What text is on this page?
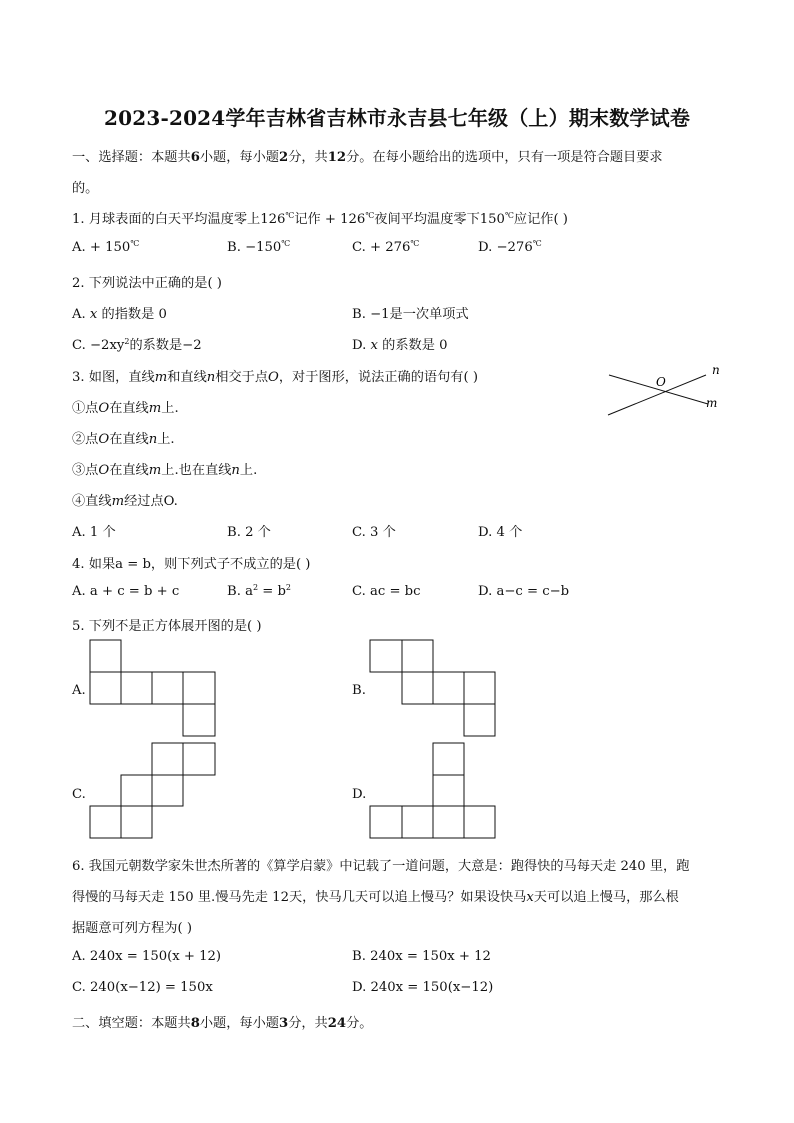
2023-2024学年吉林省吉林市永吉县七年级（上）期末数学试卷
一、选择题：本题共6小题，每小题2分，共12分。在每小题给出的选项中，只有一项是符合题目要求
的。
1. 月球表面的白天平均温度零上126℃记作 + 126℃夜间平均温度零下150℃应记作( )
A. + 150℃	B. −150℃	C. + 276℃	D. −276℃
2. 下列说法中正确的是( )
A. x 的指数是 0	B. −1是一次单项式
C. $-2xy^2$的系数是−2	D. x 的系数是 0
3. 如图，直线m和直线n相交于点O，对于图形，说法正确的语句有( )
①点O在直线m上.
②点O在直线n上.
③点O在直线m上.也在直线n上.
④直线m经过点O.
A. 1 个	B. 2 个	C. 3 个	D. 4 个
O
n
m
4. 如果a = b，则下列式子不成立的是( )
A. a + c = b + c	B. $a^2 = b^2$	C. ac = bc	D. a−c = c−b
5. 下列不是正方体展开图的是( )
A.	B.
C.	D.
6. 我国元朝数学家朱世杰所著的《算学启蒙》中记载了一道问题，大意是：跑得快的马每天走 240 里，跑
得慢的马每天走 150 里.慢马先走 12天，快马几天可以追上慢马？如果设快马x天可以追上慢马，那么根
据题意可列方程为( )
A. 240x = 150(x + 12)	B. 240x = 150x + 12
C. 240(x−12) = 150x	D. 240x = 150(x−12)
二、填空题：本题共8小题，每小题3分，共24分。
